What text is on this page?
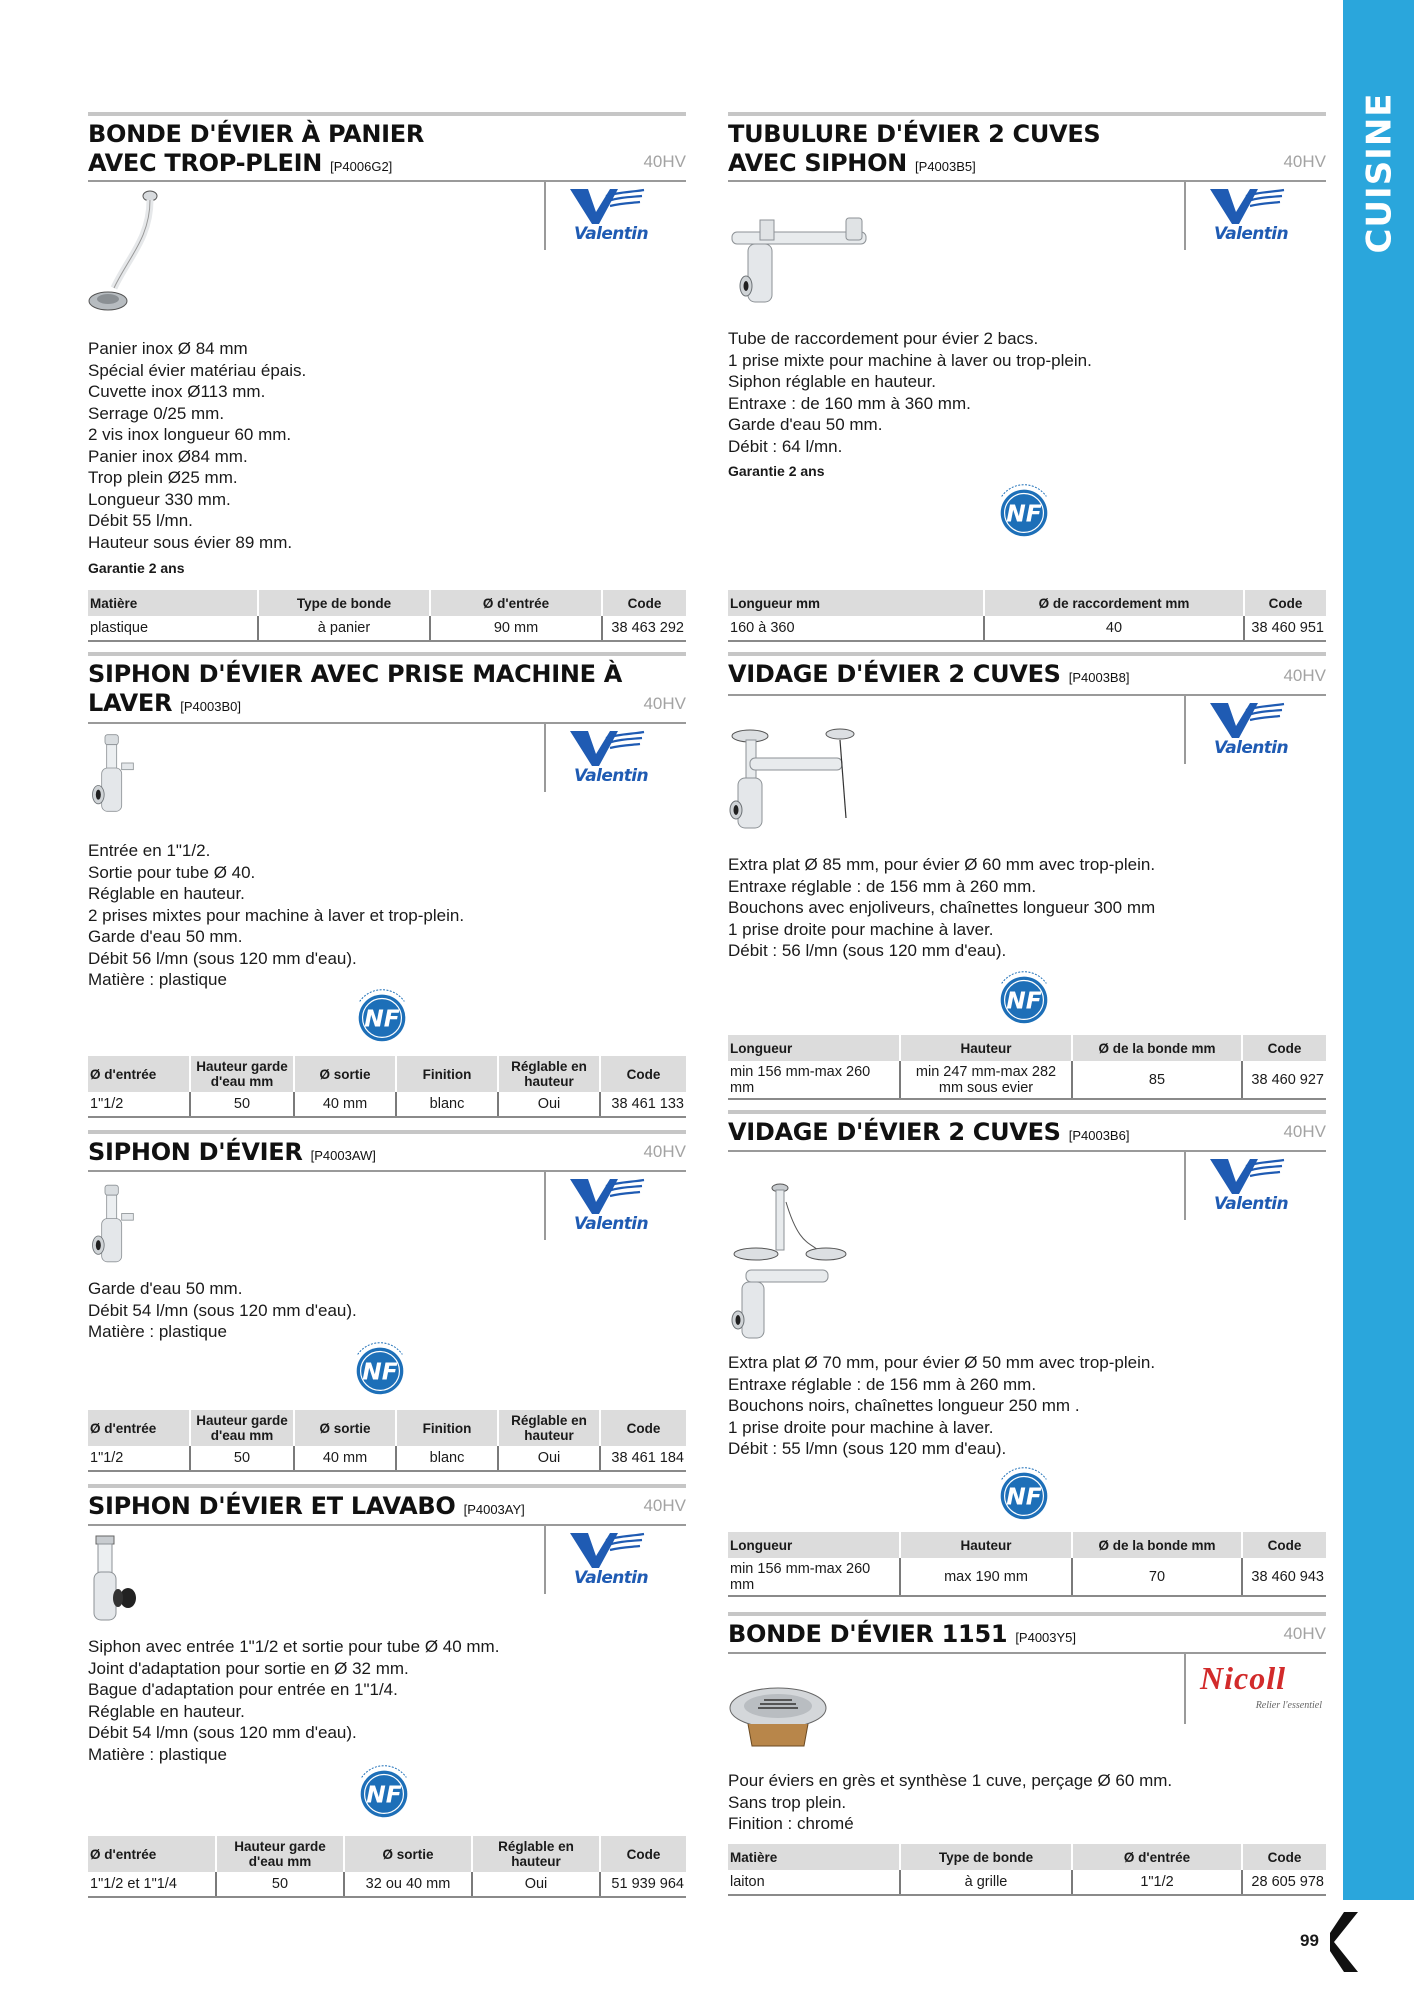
CUISINE
99
BONDE D'ÉVIER À PANIER
AVEC TROP-PLEIN [P4006G2]	40HV
Valentin
Panier inox Ø 84 mm
Spécial évier matériau épais.
Cuvette inox Ø113 mm.
Serrage 0/25 mm.
2 vis inox longueur 60 mm.
Panier inox Ø84 mm.
Trop plein Ø25 mm.
Longueur 330 mm.
Débit 55 l/mn.
Hauteur sous évier 89 mm.
Garantie 2 ans
Matière	Type de bonde	Ø d'entrée	Code
plastique	à panier	90 mm	38 463 292
TUBULURE D'ÉVIER 2 CUVES
AVEC SIPHON [P4003B5]	40HV
Valentin
Tube de raccordement pour évier 2 bacs.
1 prise mixte pour machine à laver ou trop-plein.
Siphon réglable en hauteur.
Entraxe : de 160 mm à 360 mm.
Garde d'eau 50 mm.
Débit : 64 l/mn.
Garantie 2 ans
Longueur mm	Ø de raccordement mm	Code
160 à 360	40	38 460 951
SIPHON D'ÉVIER AVEC PRISE MACHINE À
LAVER [P4003B0]	40HV
Valentin
Entrée en 1"1/2.
Sortie pour tube Ø 40.
Réglable en hauteur.
2 prises mixtes pour machine à laver et trop-plein.
Garde d'eau 50 mm.
Débit 56 l/mn (sous 120 mm d'eau).
Matière : plastique
Ø d'entrée	Hauteur garde d'eau mm	Ø sortie	Finition	Réglable en hauteur	Code
1"1/2	50	40 mm	blanc	Oui	38 461 133
VIDAGE D'ÉVIER 2 CUVES [P4003B8]	40HV
Valentin
Extra plat Ø 85 mm, pour évier Ø 60 mm avec trop-plein.
Entraxe réglable : de 156 mm à 260 mm.
Bouchons avec enjoliveurs, chaînettes longueur 300 mm
1 prise droite pour machine à laver.
Débit : 56 l/mn (sous 120 mm d'eau).
Longueur	Hauteur	Ø de la bonde mm	Code
min 156 mm-max 260 mm	min 247 mm-max 282 mm sous evier	85	38 460 927
SIPHON D'ÉVIER [P4003AW]	40HV
Valentin
Garde d'eau 50 mm.
Débit 54 l/mn (sous 120 mm d'eau).
Matière : plastique
Ø d'entrée	Hauteur garde d'eau mm	Ø sortie	Finition	Réglable en hauteur	Code
1"1/2	50	40 mm	blanc	Oui	38 461 184
VIDAGE D'ÉVIER 2 CUVES [P4003B6]	40HV
Valentin
Extra plat Ø 70 mm, pour évier Ø 50 mm avec trop-plein.
Entraxe réglable : de 156 mm à 260 mm.
Bouchons noirs, chaînettes longueur 250 mm .
1 prise droite pour machine à laver.
Débit : 55 l/mn (sous 120 mm d'eau).
Longueur	Hauteur	Ø de la bonde mm	Code
min 156 mm-max 260 mm	max 190 mm	70	38 460 943
SIPHON D'ÉVIER ET LAVABO [P4003AY]	40HV
Valentin
Siphon avec entrée 1"1/2 et sortie pour tube Ø 40 mm.
Joint d'adaptation pour sortie en Ø 32 mm.
Bague d'adaptation pour entrée en 1"1/4.
Réglable en hauteur.
Débit 54 l/mn (sous 120 mm d'eau).
Matière : plastique
Ø d'entrée	Hauteur garde d'eau mm	Ø sortie	Réglable en hauteur	Code
1"1/2 et 1"1/4	50	32 ou 40 mm	Oui	51 939 964
BONDE D'ÉVIER 1151 [P4003Y5]	40HV
Nicoll
Relier l'essentiel
Pour éviers en grès et synthèse 1 cuve, perçage Ø 60 mm.
Sans trop plein.
Finition : chromé
Matière	Type de bonde	Ø d'entrée	Code
laiton	à grille	1"1/2	28 605 978
